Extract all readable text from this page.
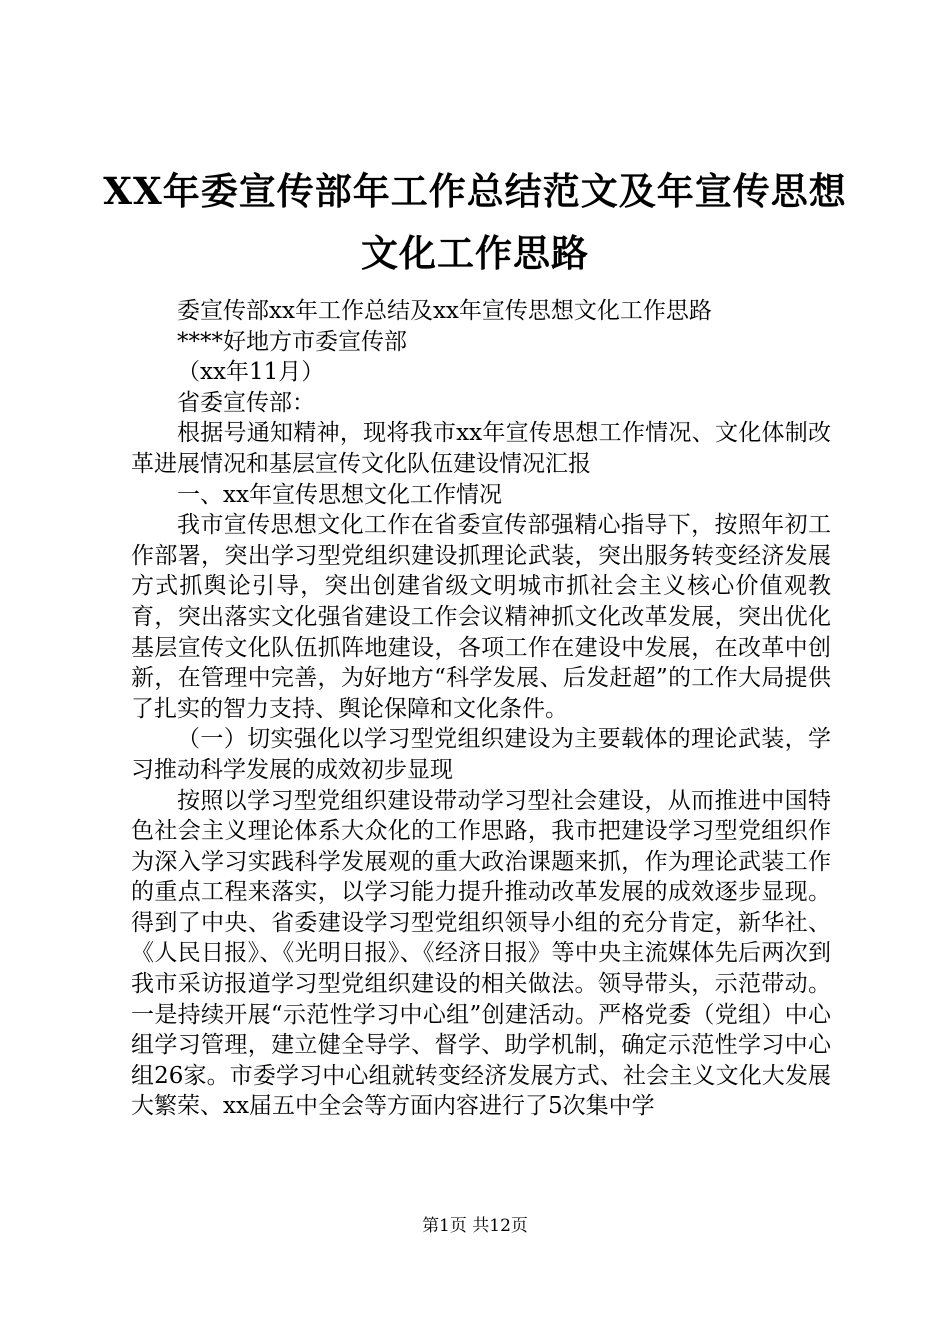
XX年委宣传部年工作总结范文及年宣传思想
文化工作思路

委宣传部xx年工作总结及xx年宣传思想文化工作思路

****好地方市委宣传部

（xx年11月）

省委宣传部：

根据号通知精神，现将我市xx年宣传思想工作情况、文化体制改革进展情况和基层宣传文化队伍建设情况汇报

一、xx年宣传思想文化工作情况

我市宣传思想文化工作在省委宣传部强精心指导下，按照年初工作部署，突出学习型党组织建设抓理论武装，突出服务转变经济发展方式抓舆论引导，突出创建省级文明城市抓社会主义核心价值观教育，突出落实文化强省建设工作会议精神抓文化改革发展，突出优化基层宣传文化队伍抓阵地建设，各项工作在建设中发展，在改革中创新，在管理中完善，为好地方“科学发展、后发赶超”的工作大局提供了扎实的智力支持、舆论保障和文化条件。

（一）切实强化以学习型党组织建设为主要载体的理论武装，学习推动科学发展的成效初步显现

按照以学习型党组织建设带动学习型社会建设，从而推进中国特色社会主义理论体系大众化的工作思路，我市把建设学习型党组织作为深入学习实践科学发展观的重大政治课题来抓，作为理论武装工作的重点工程来落实，以学习能力提升推动改革发展的成效逐步显现。得到了中央、省委建设学习型党组织领导小组的充分肯定，新华社、《人民日报》、《光明日报》、《经济日报》等中央主流媒体先后两次到我市采访报道学习型党组织建设的相关做法。领导带头，示范带动。一是持续开展“示范性学习中心组”创建活动。严格党委（党组）中心组学习管理，建立健全导学、督学、助学机制，确定示范性学习中心组26家。市委学习中心组就转变经济发展方式、社会主义文化大发展大繁荣、xx届五中全会等方面内容进行了5次集中学

第1页 共12页
